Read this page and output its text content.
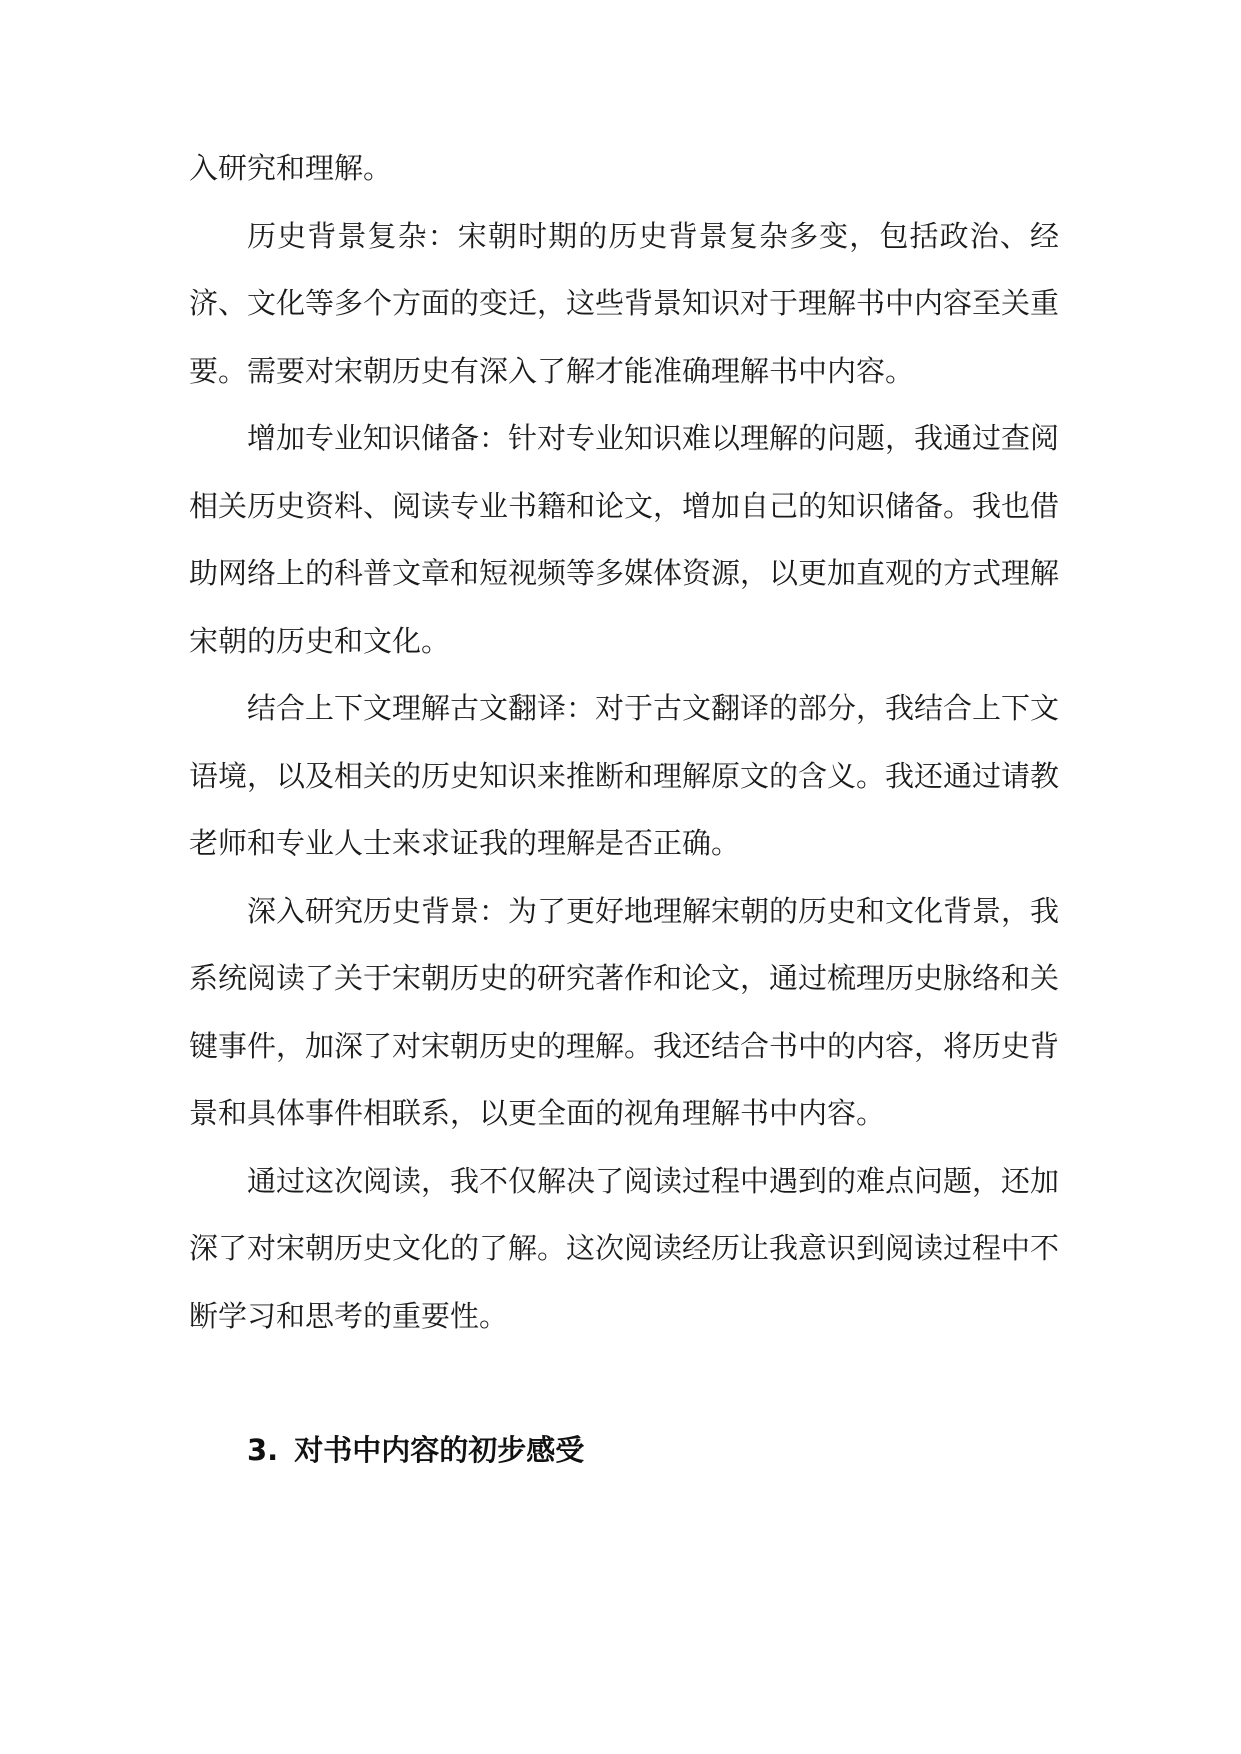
入研究和理解。

历史背景复杂：宋朝时期的历史背景复杂多变，包括政治、经济、文化等多个方面的变迁，这些背景知识对于理解书中内容至关重要。需要对宋朝历史有深入了解才能准确理解书中内容。

增加专业知识储备：针对专业知识难以理解的问题，我通过查阅相关历史资料、阅读专业书籍和论文，增加自己的知识储备。我也借助网络上的科普文章和短视频等多媒体资源，以更加直观的方式理解宋朝的历史和文化。

结合上下文理解古文翻译：对于古文翻译的部分，我结合上下文语境，以及相关的历史知识来推断和理解原文的含义。我还通过请教老师和专业人士来求证我的理解是否正确。

深入研究历史背景：为了更好地理解宋朝的历史和文化背景，我系统阅读了关于宋朝历史的研究著作和论文，通过梳理历史脉络和关键事件，加深了对宋朝历史的理解。我还结合书中的内容，将历史背景和具体事件相联系，以更全面的视角理解书中内容。

通过这次阅读，我不仅解决了阅读过程中遇到的难点问题，还加深了对宋朝历史文化的了解。这次阅读经历让我意识到阅读过程中不断学习和思考的重要性。

3. 对书中内容的初步感受
